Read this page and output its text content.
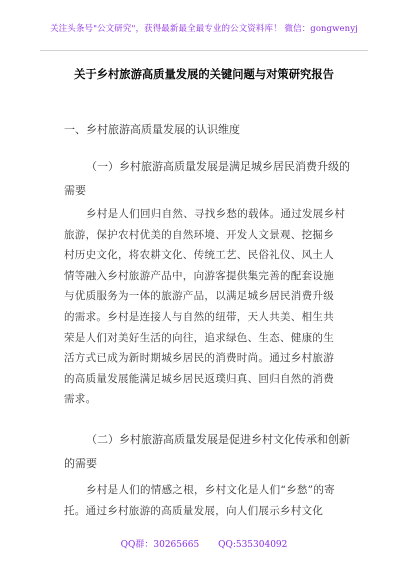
关注头条号"公文研究"，获得最新最全最专业的公文资料库！ 微信：gongwenyj
关于乡村旅游高质量发展的关键问题与对策研究报告
一、乡村旅游高质量发展的认识维度
（一）乡村旅游高质量发展是满足城乡居民消费升级的
需要
乡村是人们回归自然、寻找乡愁的载体。通过发展乡村
旅游，保护农村优美的自然环境、开发人文景观、挖掘乡
村历史文化，将农耕文化、传统工艺、民俗礼仪、风土人
情等融入乡村旅游产品中，向游客提供集完善的配套设施
与优质服务为一体的旅游产品，以满足城乡居民消费升级
的需求。乡村是连接人与自然的纽带，天人共美、相生共
荣是人们对美好生活的向往，追求绿色、生态、健康的生
活方式已成为新时期城乡居民的消费时尚。通过乡村旅游
的高质量发展能满足城乡居民返璞归真、回归自然的消费
需求。
（二）乡村旅游高质量发展是促进乡村文化传承和创新
的需要
乡村是人们的情感之根，乡村文化是人们“乡愁”的寄
托。通过乡村旅游的高质量发展，向人们展示乡村文化
QQ群：30265665 QQ:535304092
